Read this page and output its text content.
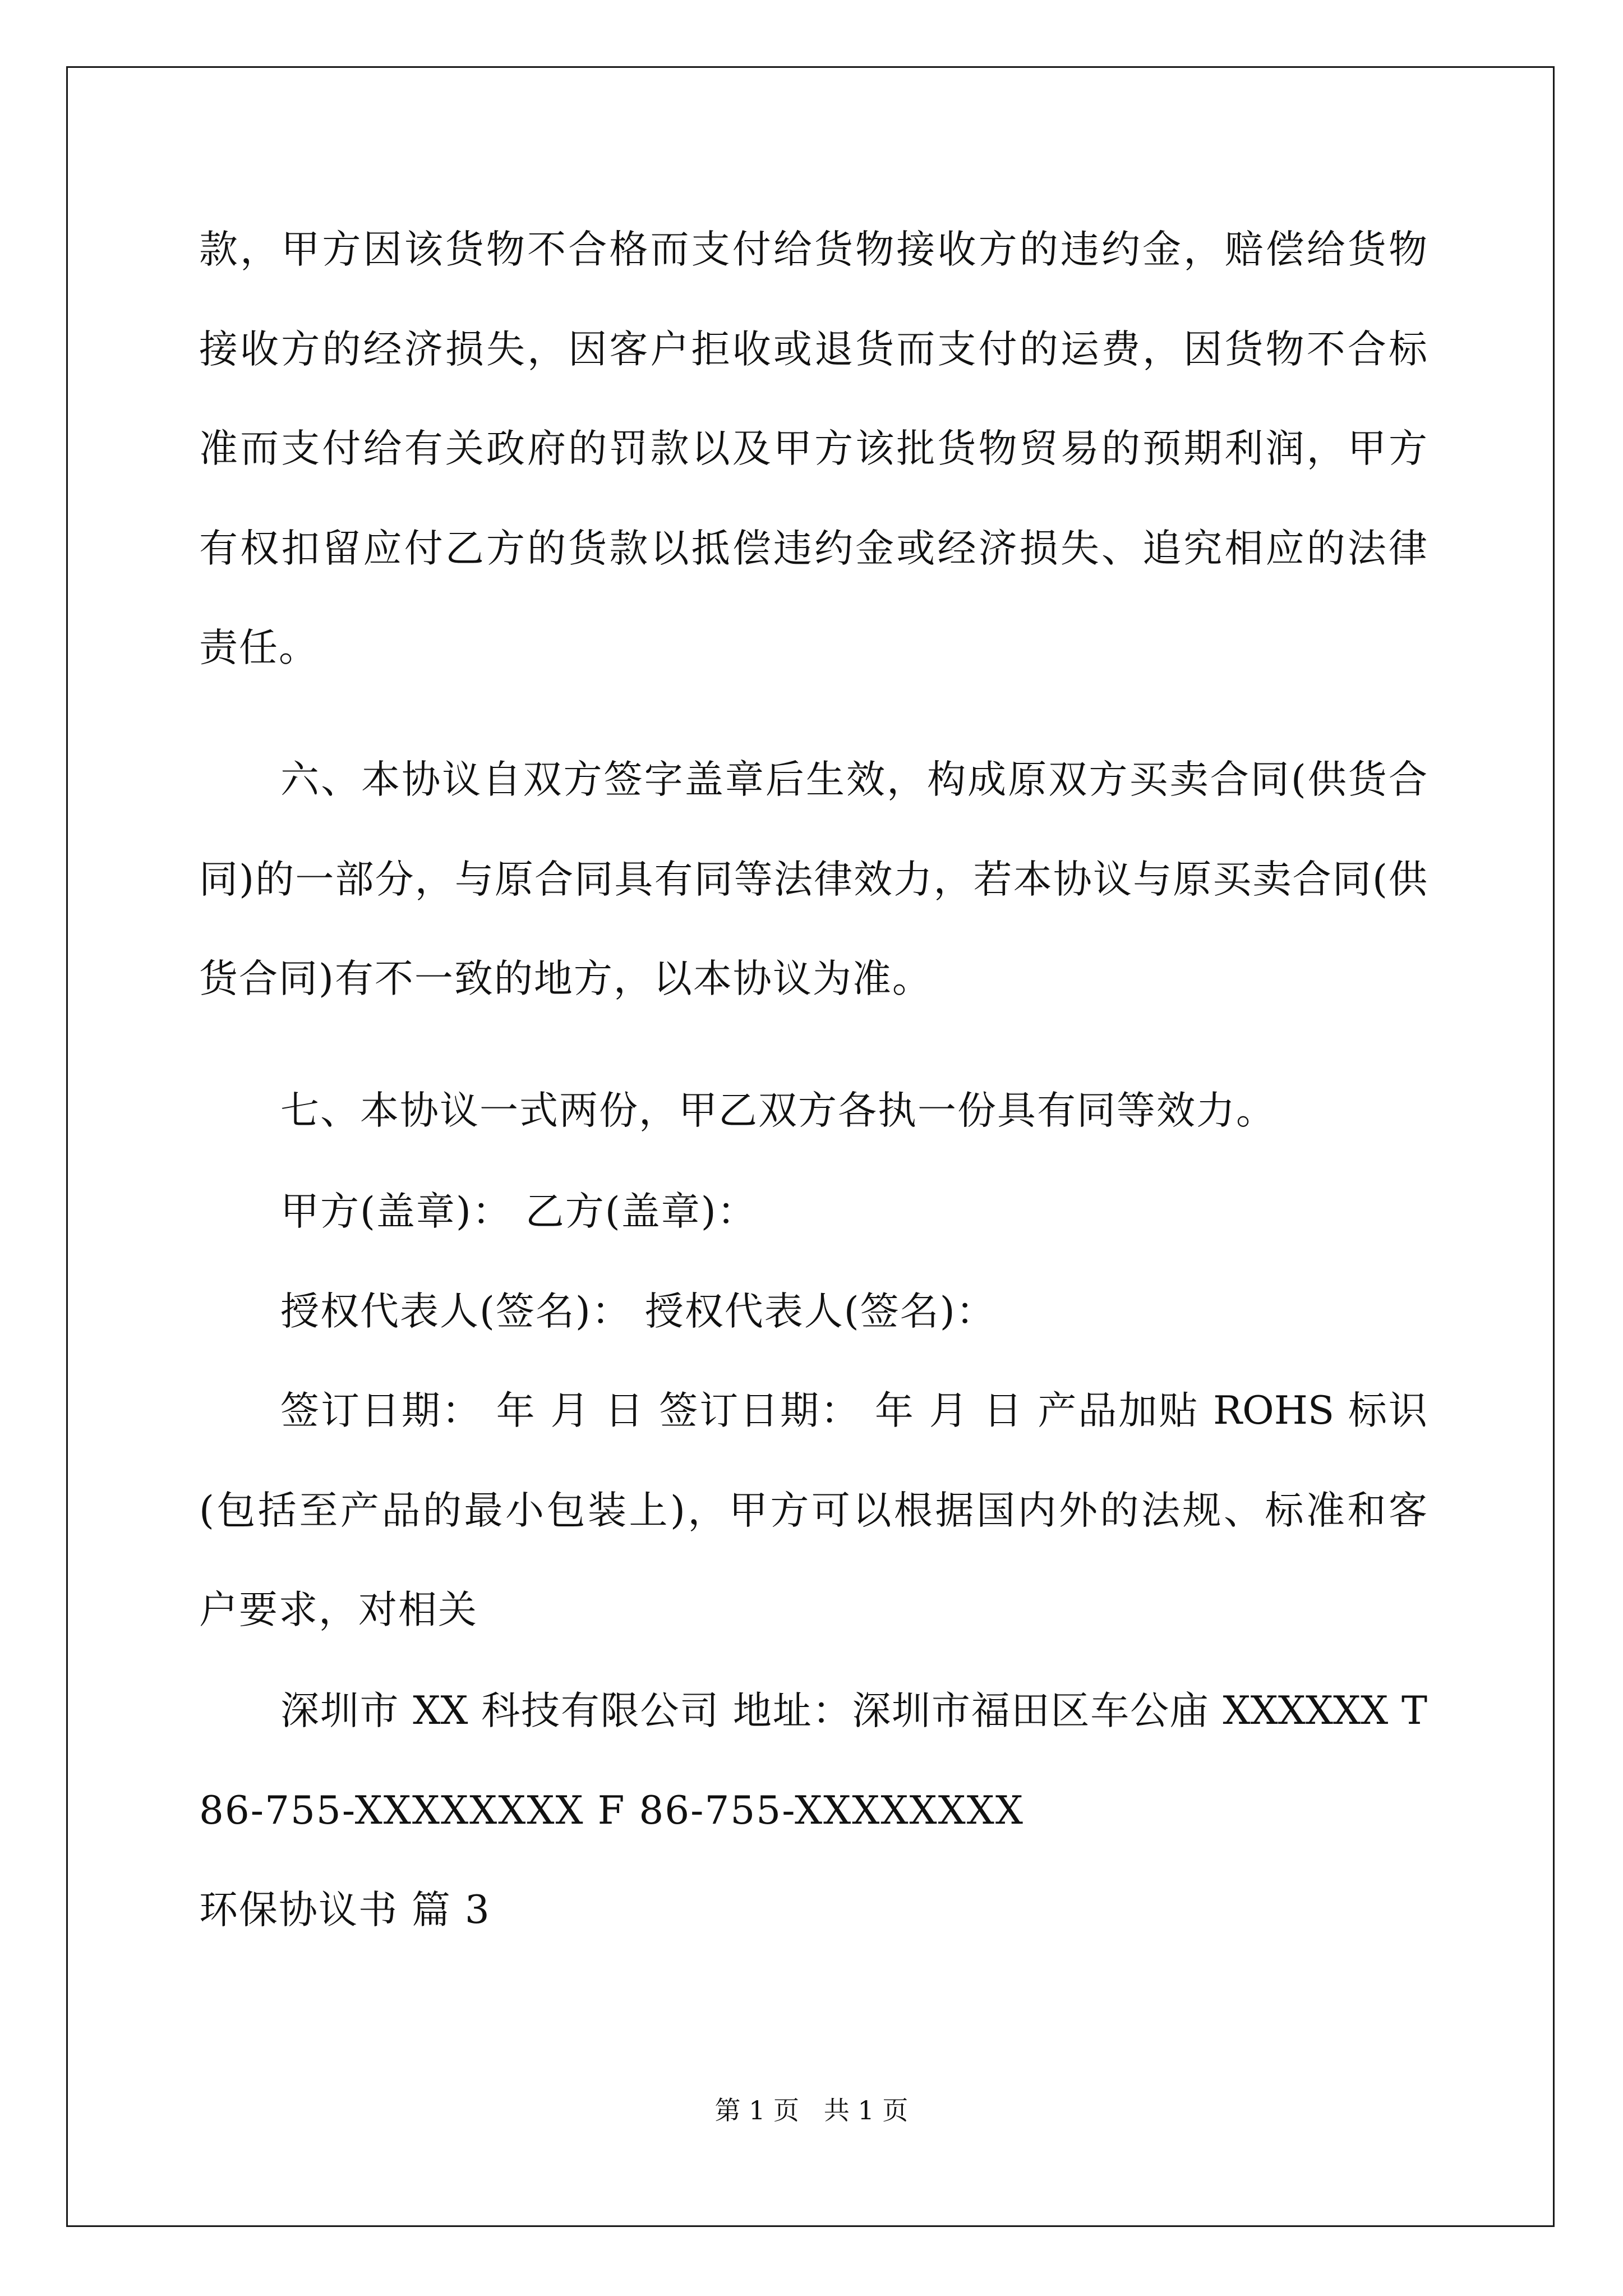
款，甲方因该货物不合格而支付给货物接收方的违约金，赔偿给货物
接收方的经济损失，因客户拒收或退货而支付的运费，因货物不合标
准而支付给有关政府的罚款以及甲方该批货物贸易的预期利润，甲方
有权扣留应付乙方的货款以抵偿违约金或经济损失、追究相应的法律
责任。
六、本协议自双方签字盖章后生效，构成原双方买卖合同(供货合
同)的一部分，与原合同具有同等法律效力，若本协议与原买卖合同(供
货合同)有不一致的地方，以本协议为准。
七、本协议一式两份，甲乙双方各执一份具有同等效力。
甲方(盖章)： 乙方(盖章)：
授权代表人(签名)： 授权代表人(签名)：
签订日期： 年 月 日 签订日期： 年 月 日 产品加贴 ROHS 标识
(包括至产品的最小包装上)，甲方可以根据国内外的法规、标准和客
户要求，对相关
深圳市 XX 科技有限公司 地址：深圳市福田区车公庙 XXXXXX T
86-755-XXXXXXXX F 86-755-XXXXXXXX
环保协议书 篇 3
第 1 页   共 1 页
